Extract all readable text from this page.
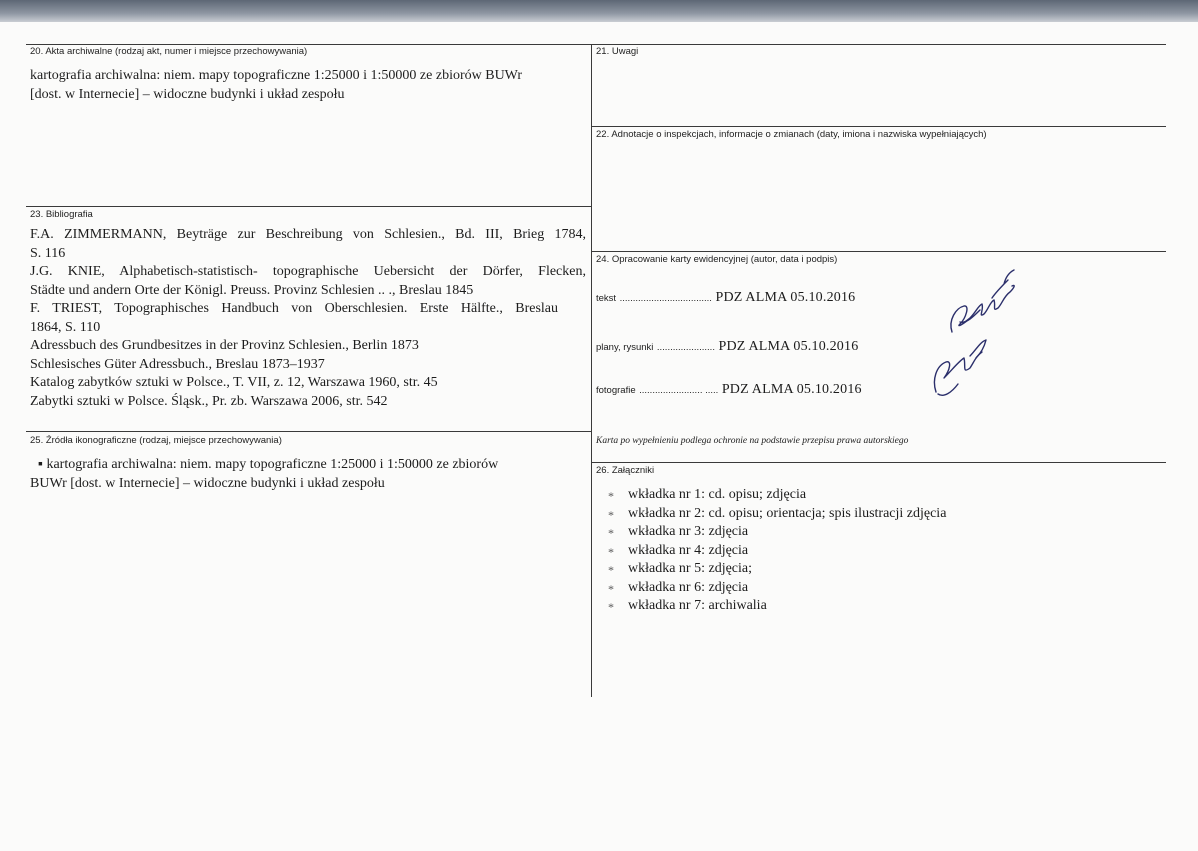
20. Akta archiwalne (rodzaj akt, numer i miejsce przechowywania)
kartografia archiwalna: niem. mapy topograficzne 1:25000 i 1:50000 ze zbiorów BUWr
[dost. w Internecie] – widoczne budynki i układ zespołu
21. Uwagi
22. Adnotacje o inspekcjach, informacje o zmianach (daty, imiona i nazwiska wypełniających)
23. Bibliografia
F.A. ZIMMERMANN, Beyträge zur Beschreibung von Schlesien., Bd. III, Brieg 1784,
S. 116
J.G. KNIE, Alphabetisch-statistisch- topographische Uebersicht der Dörfer, Flecken,
Städte und andern Orte der Königl. Preuss. Provinz Schlesien .. ., Breslau 1845
F. TRIEST, Topographisches Handbuch von Oberschlesien. Erste Hälfte., Breslau
1864, S. 110
Adressbuch des Grundbesitzes in der Provinz Schlesien., Berlin 1873
Schlesisches Güter Adressbuch., Breslau 1873–1937
Katalog zabytków sztuki w Polsce., T. VII, z. 12, Warszawa 1960, str. 45
Zabytki sztuki w Polsce. Śląsk., Pr. zb. Warszawa 2006, str. 542
24. Opracowanie karty ewidencyjnej (autor, data i podpis)
tekst ................................... PDZ ALMA 05.10.2016
plany, rysunki ...................... PDZ ALMA 05.10.2016
fotografie ........................ ..... PDZ ALMA 05.10.2016
Karta po wypełnieniu podlega ochronie na podstawie przepisu prawa autorskiego
25. Źródła ikonograficzne (rodzaj, miejsce przechowywania)
▪ kartografia archiwalna: niem. mapy topograficzne 1:25000 i 1:50000 ze zbiorów
BUWr [dost. w Internecie] – widoczne budynki i układ zespołu
26. Załączniki
* wkładka nr 1: cd. opisu; zdjęcia
* wkładka nr 2: cd. opisu; orientacja; spis ilustracji zdjęcia
* wkładka nr 3: zdjęcia
* wkładka nr 4: zdjęcia
* wkładka nr 5: zdjęcia;
* wkładka nr 6: zdjęcia
* wkładka nr 7: archiwalia
